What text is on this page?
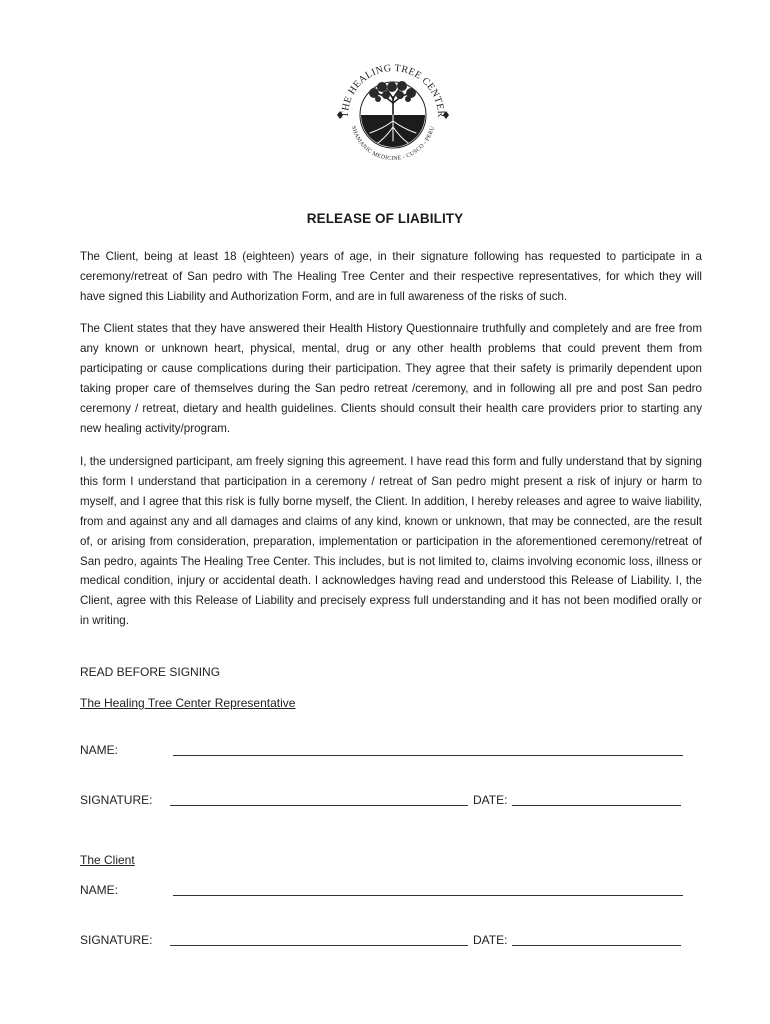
THE HEALING TREE CENTER
SHAMANIC MEDICINE - CUSCO - PERU
RELEASE OF LIABILITY

The Client, being at least 18 (eighteen) years of age, in their signature following has requested to participate in a ceremony/retreat of San pedro with The Healing Tree Center and their respective representatives, for which they will have signed this Liability and Authorization Form, and are in full awareness of the risks of such.

The Client states that they have answered their Health History Questionnaire truthfully and completely and are free from any known or unknown heart, physical, mental, drug or any other health problems that could prevent them from participating or cause complications during their participation. They agree that their safety is primarily dependent upon taking proper care of themselves during the San pedro retreat /ceremony, and in following all pre and post San pedro ceremony / retreat, dietary and health guidelines. Clients should consult their health care providers prior to starting any new healing activity/program.

I, the undersigned participant, am freely signing this agreement. I have read this form and fully understand that by signing this form I understand that participation in a ceremony / retreat of San pedro might present a risk of injury or harm to myself, and I agree that this risk is fully borne myself, the Client. In addition, I hereby releases and agree to waive liability, from and against any and all damages and claims of any kind, known or unknown, that may be connected, are the result of, or arising from consideration, preparation, implementation or participation in the aforementioned ceremony/retreat of San pedro, againts The Healing Tree Center. This includes, but is not limited to, claims involving economic loss, illness or medical condition, injury or accidental death. I acknowledges having read and understood this Release of Liability. I, the Client, agree with this Release of Liability and precisely express full understanding and it has not been modified orally or in writing.

READ BEFORE SIGNING
The Healing Tree Center Representative
NAME:
SIGNATURE:	DATE:
The Client
NAME:
SIGNATURE:	DATE:
